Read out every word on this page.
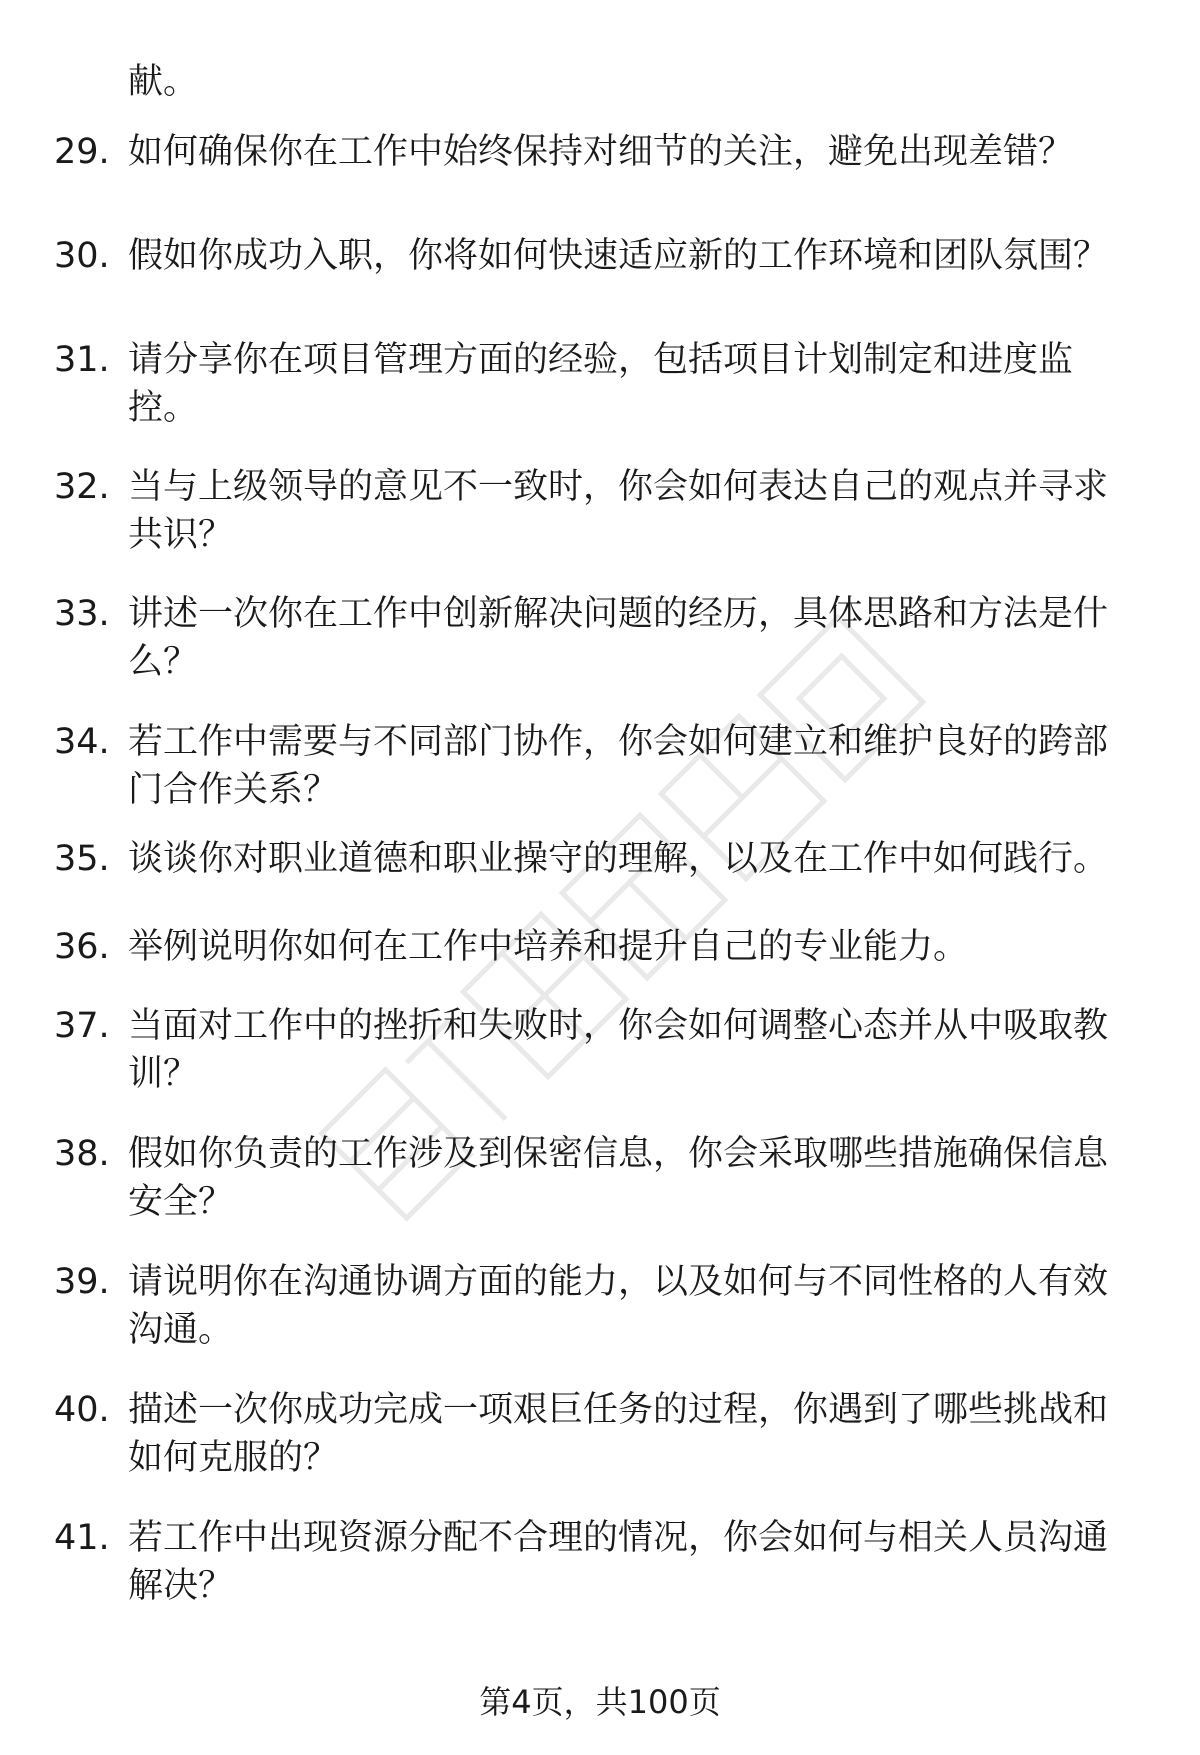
献。
29. 如何确保你在工作中始终保持对细节的关注，避免出现差错？
30. 假如你成功入职，你将如何快速适应新的工作环境和团队氛围？
31. 请分享你在项目管理方面的经验，包括项目计划制定和进度监
控。
32. 当与上级领导的意见不一致时，你会如何表达自己的观点并寻求
共识？
33. 讲述一次你在工作中创新解决问题的经历，具体思路和方法是什
么？
34. 若工作中需要与不同部门协作，你会如何建立和维护良好的跨部
门合作关系？
35. 谈谈你对职业道德和职业操守的理解，以及在工作中如何践行。
36. 举例说明你如何在工作中培养和提升自己的专业能力。
37. 当面对工作中的挫折和失败时，你会如何调整心态并从中吸取教
训？
38. 假如你负责的工作涉及到保密信息，你会采取哪些措施确保信息
安全？
39. 请说明你在沟通协调方面的能力，以及如何与不同性格的人有效
沟通。
40. 描述一次你成功完成一项艰巨任务的过程，你遇到了哪些挑战和
如何克服的？
41. 若工作中出现资源分配不合理的情况，你会如何与相关人员沟通
解决？
第4页，共100页
